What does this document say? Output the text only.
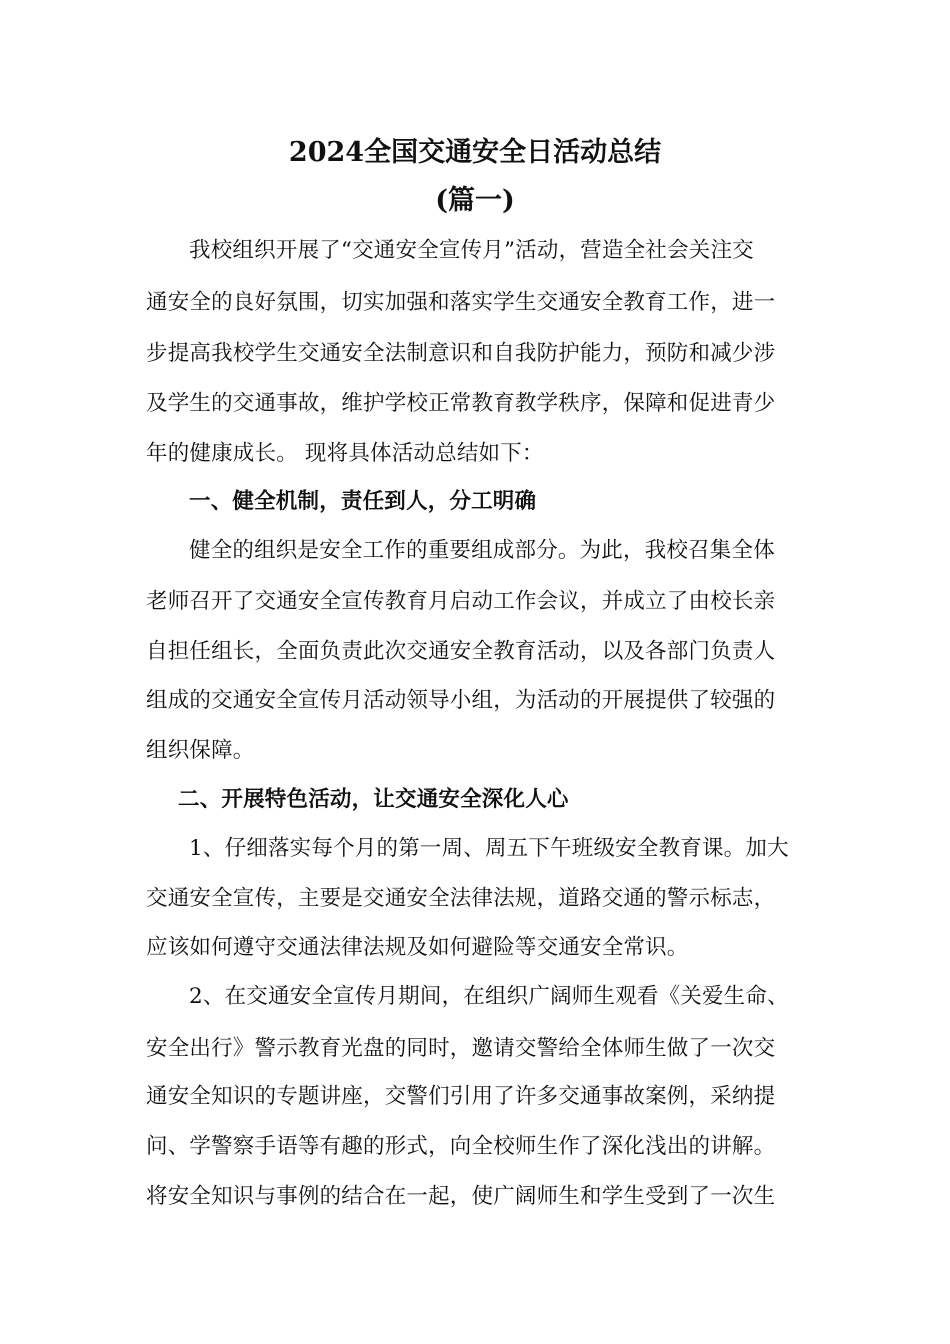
2024全国交通安全日活动总结
(篇一)
我校组织开展了“交通安全宣传月”活动，营造全社会关注交
通安全的良好氛围，切实加强和落实学生交通安全教育工作，进一
步提高我校学生交通安全法制意识和自我防护能力，预防和减少涉
及学生的交通事故，维护学校正常教育教学秩序，保障和促进青少
年的健康成长。 现将具体活动总结如下：
一、健全机制，责任到人，分工明确
健全的组织是安全工作的重要组成部分。为此，我校召集全体
老师召开了交通安全宣传教育月启动工作会议，并成立了由校长亲
自担任组长，全面负责此次交通安全教育活动，以及各部门负责人
组成的交通安全宣传月活动领导小组，为活动的开展提供了较强的
组织保障。
二、开展特色活动，让交通安全深化人心
1、仔细落实每个月的第一周、周五下午班级安全教育课。加大
交通安全宣传，主要是交通安全法律法规，道路交通的警示标志，
应该如何遵守交通法律法规及如何避险等交通安全常识。
2、在交通安全宣传月期间，在组织广阔师生观看《关爱生命、
安全出行》警示教育光盘的同时，邀请交警给全体师生做了一次交
通安全知识的专题讲座，交警们引用了许多交通事故案例，采纳提
问、学警察手语等有趣的形式，向全校师生作了深化浅出的讲解。
将安全知识与事例的结合在一起，使广阔师生和学生受到了一次生
